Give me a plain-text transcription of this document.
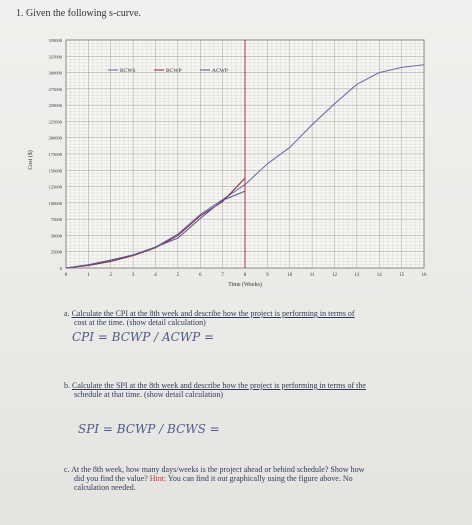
1. Given the following s-curve.
0
25000
50000
75000
100000
125000
150000
175000
200000
225000
250000
275000
300000
325000
350000
0	1	2	3	4	5	6	7	8	9	10	11	12	13	14	15	16
BCWS	BCWP	ACWP
Time (Weeks)
Cost ($)
a. Calculate the CPI at the 8th week and describe how the project is performing in terms of
cost at the time. (show detail calculation)
CPI = BCWP / ACWP =
b. Calculate the SPI at the 8th week and describe how the project is performing in terms of the
schedule at that time. (show detail calculation)
SPI = BCWP / BCWS =
c. At the 8th week, how many days/weeks is the project ahead or behind schedule? Show how
did you find the value? Hint: You can find it out graphically using the figure above. No
calculation needed.
